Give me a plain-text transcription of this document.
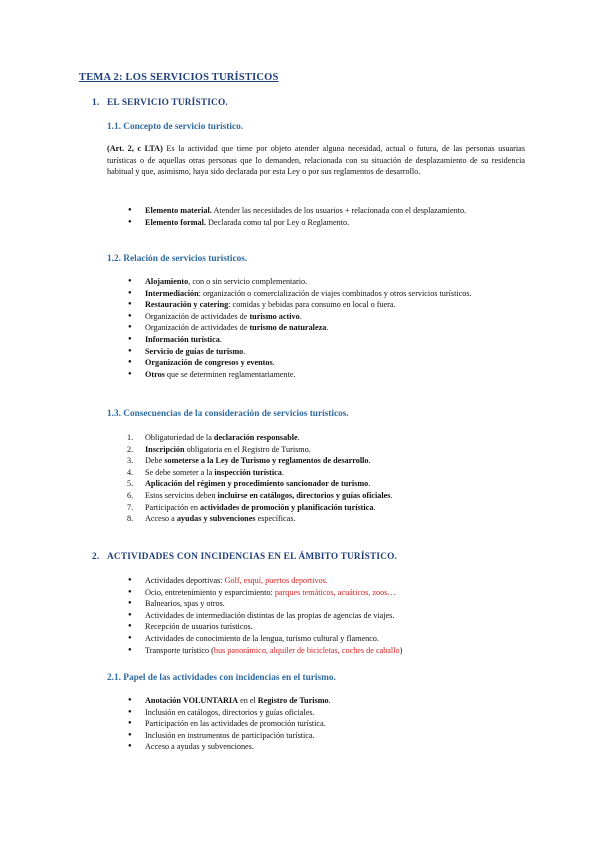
TEMA 2: LOS SERVICIOS TURÍSTICOS
1. EL SERVICIO TURÍSTICO.
1.1. Concepto de servicio turístico.
(Art. 2, c LTA) Es la actividad que tiene por objeto atender alguna necesidad, actual o futura, de las personas usuarias turísticas o de aquellas otras personas que lo demanden, relacionada con su situación de desplazamiento de su residencia habitual y que, asimismo, haya sido declarada por esta Ley o por sus reglamentos de desarrollo.
● Elemento material. Atender las necesidades de los usuarios + relacionada con el desplazamiento.
● Elemento formal. Declarada como tal por Ley o Reglamento.
1.2. Relación de servicios turísticos.
● Alojamiento, con o sin servicio complementario.
● Intermediación: organización o comercialización de viajes combinados y otros servicios turísticos.
● Restauración y catering: comidas y bebidas para consumo en local o fuera.
● Organización de actividades de turismo activo.
● Organización de actividades de turismo de naturaleza.
● Información turística.
● Servicio de guías de turismo.
● Organización de congresos y eventos.
● Otros que se determinen reglamentariamente.
1.3. Consecuencias de la consideración de servicios turísticos.
1. Obligatoriedad de la declaración responsable.
2. Inscripción obligatoria en el Registro de Turismo.
3. Debe someterse a la Ley de Turismo y reglamentos de desarrollo.
4. Se debe someter a la inspección turística.
5. Aplicación del régimen y procedimiento sancionador de turismo.
6. Estos servicios deben incluirse en catálogos, directorios y guías oficiales.
7. Participación en actividades de promoción y planificación turística.
8. Acceso a ayudas y subvenciones específicas.
2. ACTIVIDADES CON INCIDENCIAS EN EL ÁMBITO TURÍSTICO.
● Actividades deportivas: Golf, esquí, puertos deportivos.
● Ocio, entretenimiento y esparcimiento: parques temáticos, acuáticos, zoos…
● Balnearios, spas y otros.
● Actividades de intermediación distintas de las propias de agencias de viajes.
● Recepción de usuarios turísticos.
● Actividades de conocimiento de la lengua, turismo cultural y flamenco.
● Transporte turístico (bus panorámico, alquiler de bicicletas, coches de caballo)
2.1. Papel de las actividades con incidencias en el turismo.
● Anotación VOLUNTARIA en el Registro de Turismo.
● Inclusión en catálogos, directorios y guías oficiales.
● Participación en las actividades de promoción turística.
● Inclusión en instrumentos de participación turística.
● Acceso a ayudas y subvenciones.
